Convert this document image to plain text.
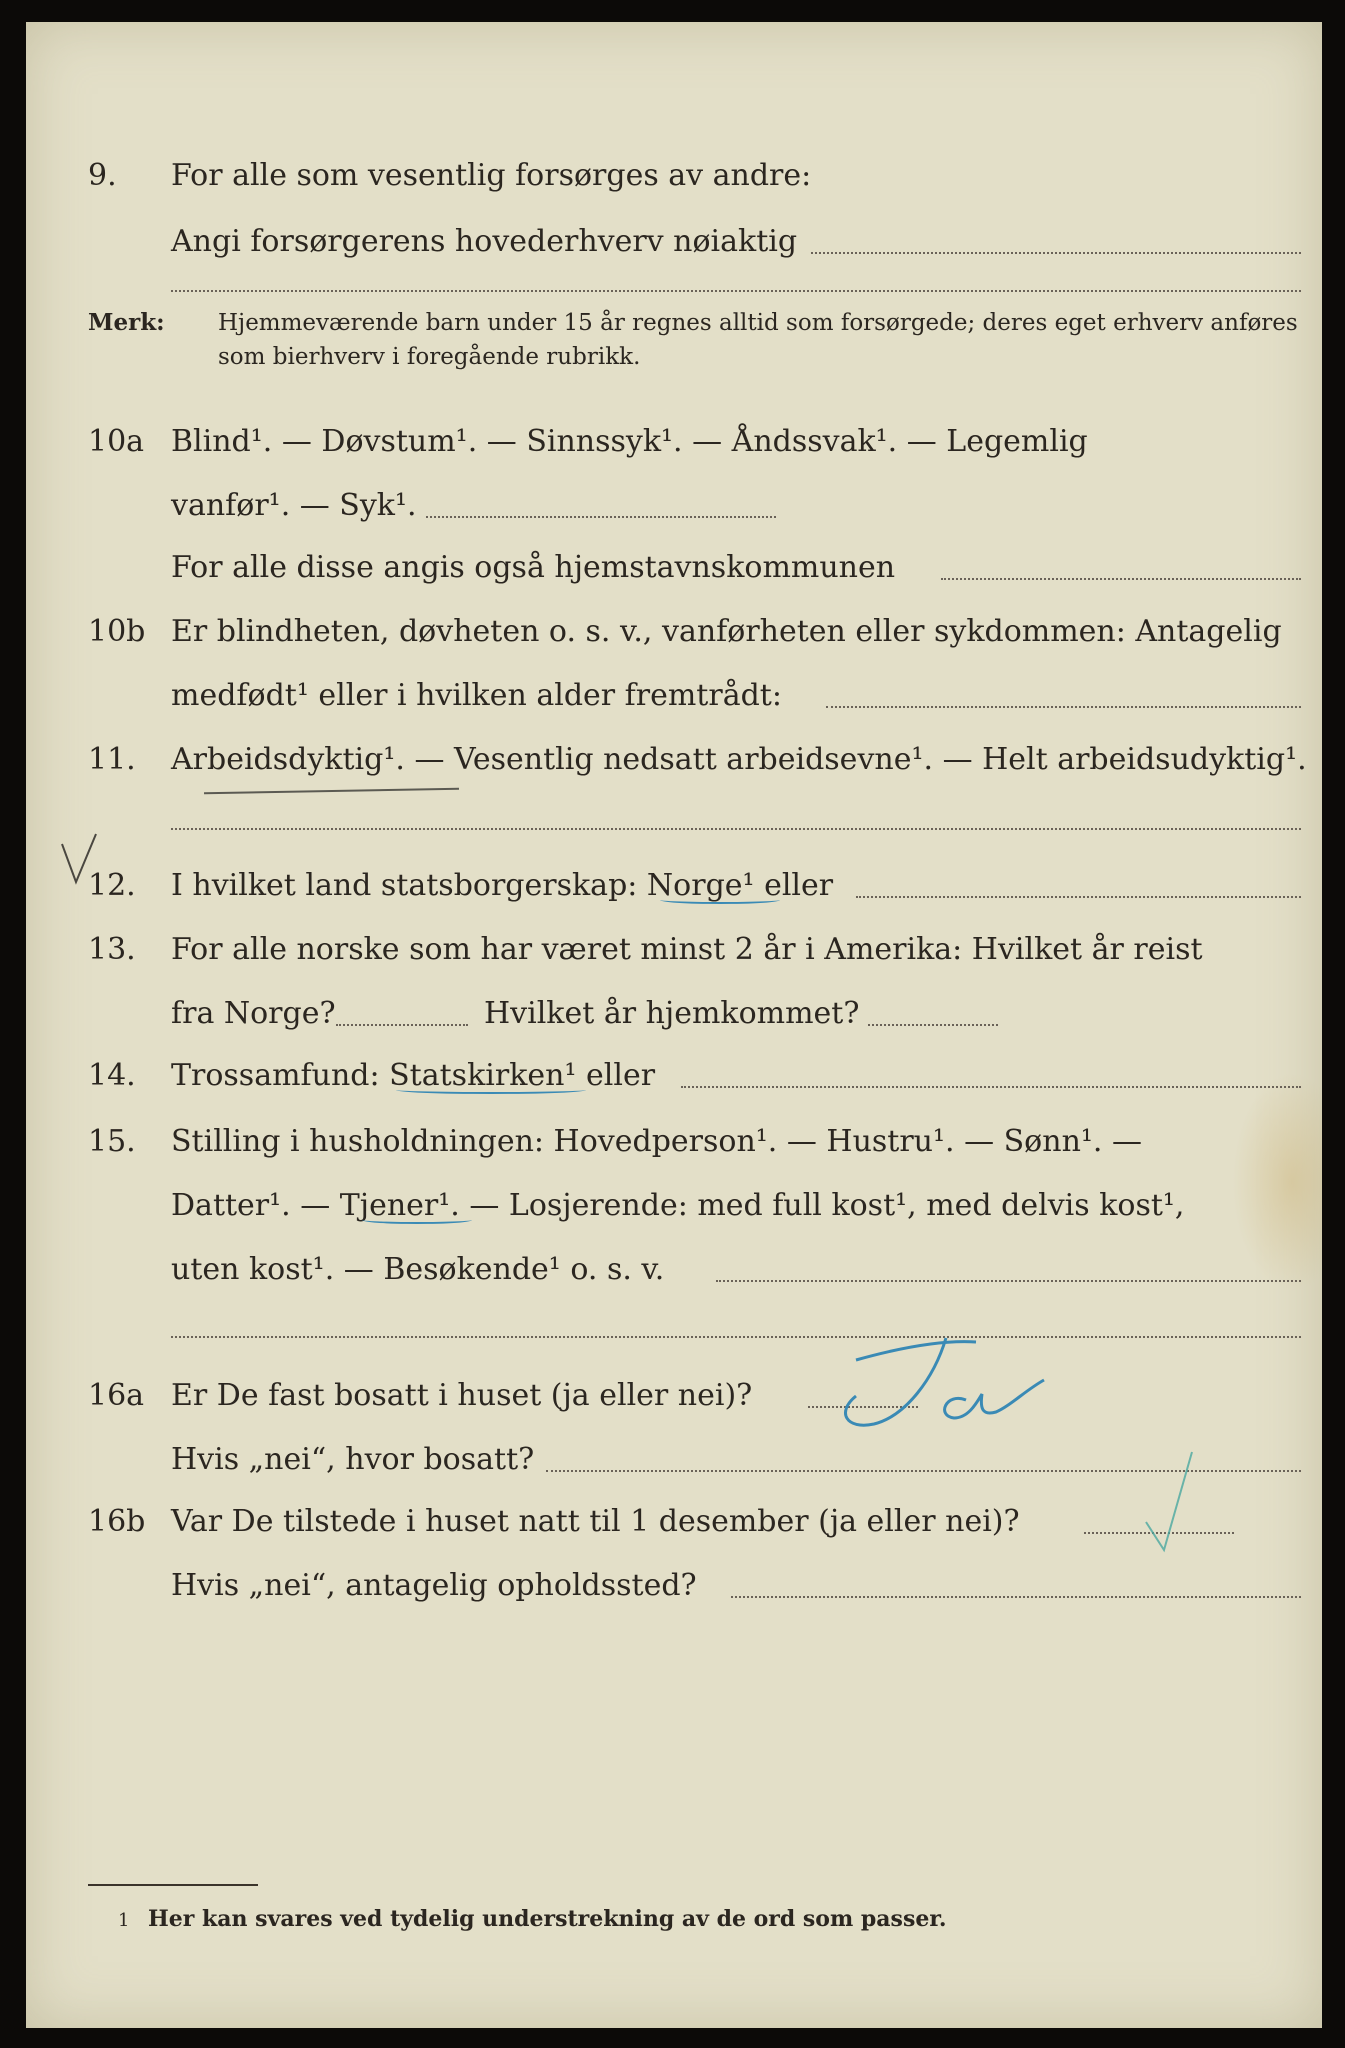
9. For alle som vesentlig forsørges av andre:
Angi forsørgerens hovederhverv nøiaktig
Merk: Hjemmeværende barn under 15 år regnes alltid som forsørgede; deres eget erhverv anføres som bierhverv i foregående rubrikk.
10a Blind¹. — Døvstum¹. — Sinnssyk¹. — Åndssvak¹. — Legemlig
vanfør¹. — Syk¹.
For alle disse angis også hjemstavnskommunen
10b Er blindheten, døvheten o. s. v., vanførheten eller sykdommen: Antagelig
medfødt¹ eller i hvilken alder fremtrådt:
11. Arbeidsdyktig¹. — Vesentlig nedsatt arbeidsevne¹. — Helt arbeidsudyktig¹.
12. I hvilket land statsborgerskap: Norge¹ eller
13. For alle norske som har været minst 2 år i Amerika: Hvilket år reist
fra Norge?	Hvilket år hjemkommet?
14. Trossamfund: Statskirken¹ eller
15. Stilling i husholdningen: Hovedperson¹. — Hustru¹. — Sønn¹. —
Datter¹. — Tjener¹. — Losjerende: med full kost¹, med delvis kost¹,
uten kost¹. — Besøkende¹ o. s. v.
16a Er De fast bosatt i huset (ja eller nei)?
Hvis „nei“, hvor bosatt?
16b Var De tilstede i huset natt til 1 desember (ja eller nei)?
Hvis „nei“, antagelig opholdssted?
1 Her kan svares ved tydelig understrekning av de ord som passer.
